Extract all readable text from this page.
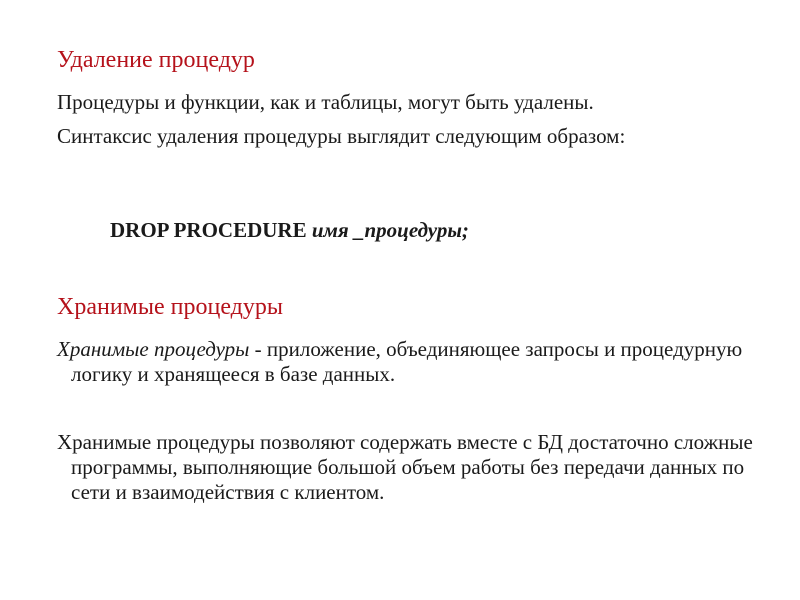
Удаление процедур
Процедуры и функции, как и таблицы, могут быть удалены.
Синтаксис удаления процедуры выглядит следующим образом:
DROP PROCEDURE имя _процедуры;
Хранимые процедуры
Хранимые процедуры - приложение, объединяющее запросы и процедурную логику и хранящееся в базе данных.
Хранимые процедуры позволяют содержать вместе с БД достаточно сложные программы, выполняющие большой объем работы без передачи данных по сети и взаимодействия с клиентом.
